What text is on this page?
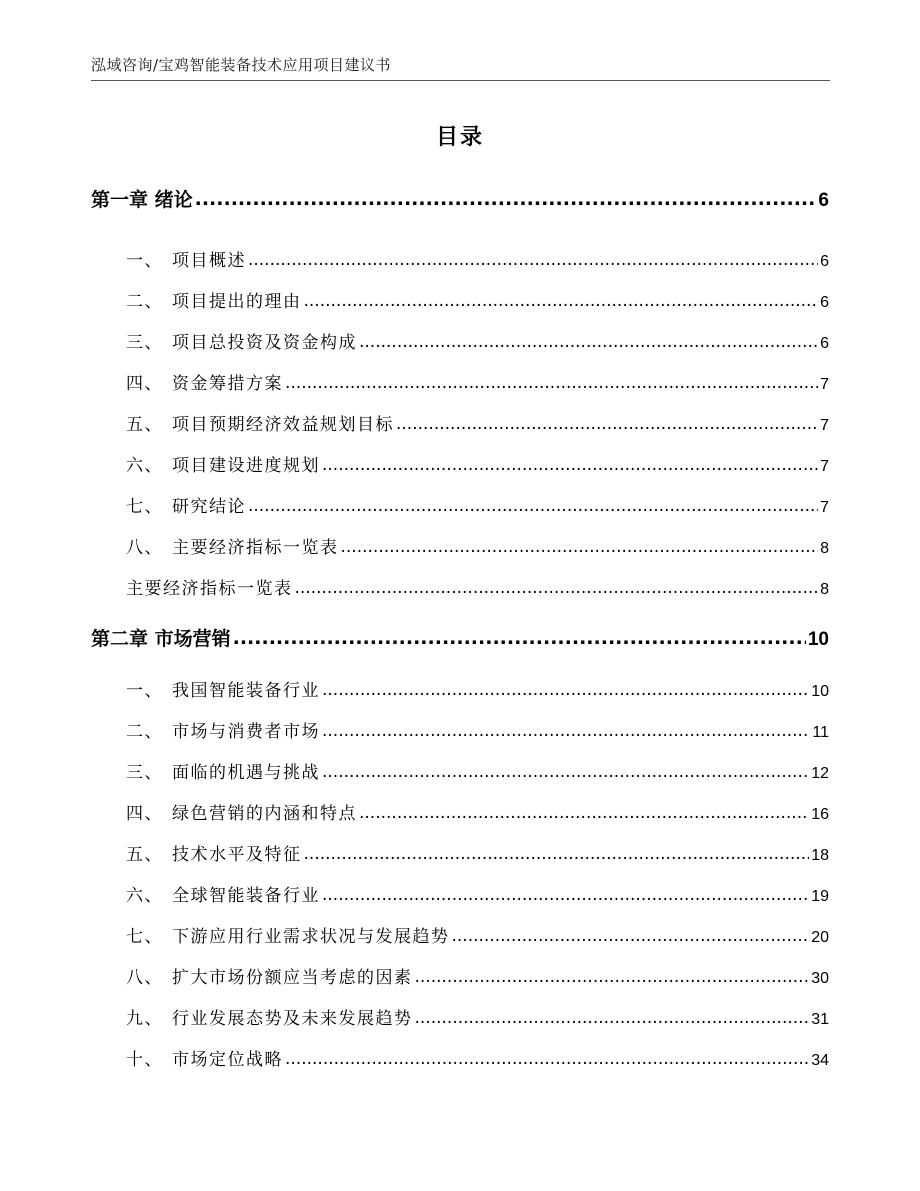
泓域咨询/宝鸡智能装备技术应用项目建议书
目录
第一章 绪论 .....	6
一、 项目概述 .....	6
二、 项目提出的理由 .....	6
三、 项目总投资及资金构成 .....	6
四、 资金筹措方案 .....	7
五、 项目预期经济效益规划目标 .....	7
六、 项目建设进度规划 .....	7
七、 研究结论 .....	7
八、 主要经济指标一览表 .....	8
主要经济指标一览表 .....	8
第二章 市场营销 .....	10
一、 我国智能装备行业 .....	10
二、 市场与消费者市场 .....	11
三、 面临的机遇与挑战 .....	12
四、 绿色营销的内涵和特点 .....	16
五、 技术水平及特征 .....	18
六、 全球智能装备行业 .....	19
七、 下游应用行业需求状况与发展趋势 .....	20
八、 扩大市场份额应当考虑的因素 .....	30
九、 行业发展态势及未来发展趋势 .....	31
十、 市场定位战略 .....	34
